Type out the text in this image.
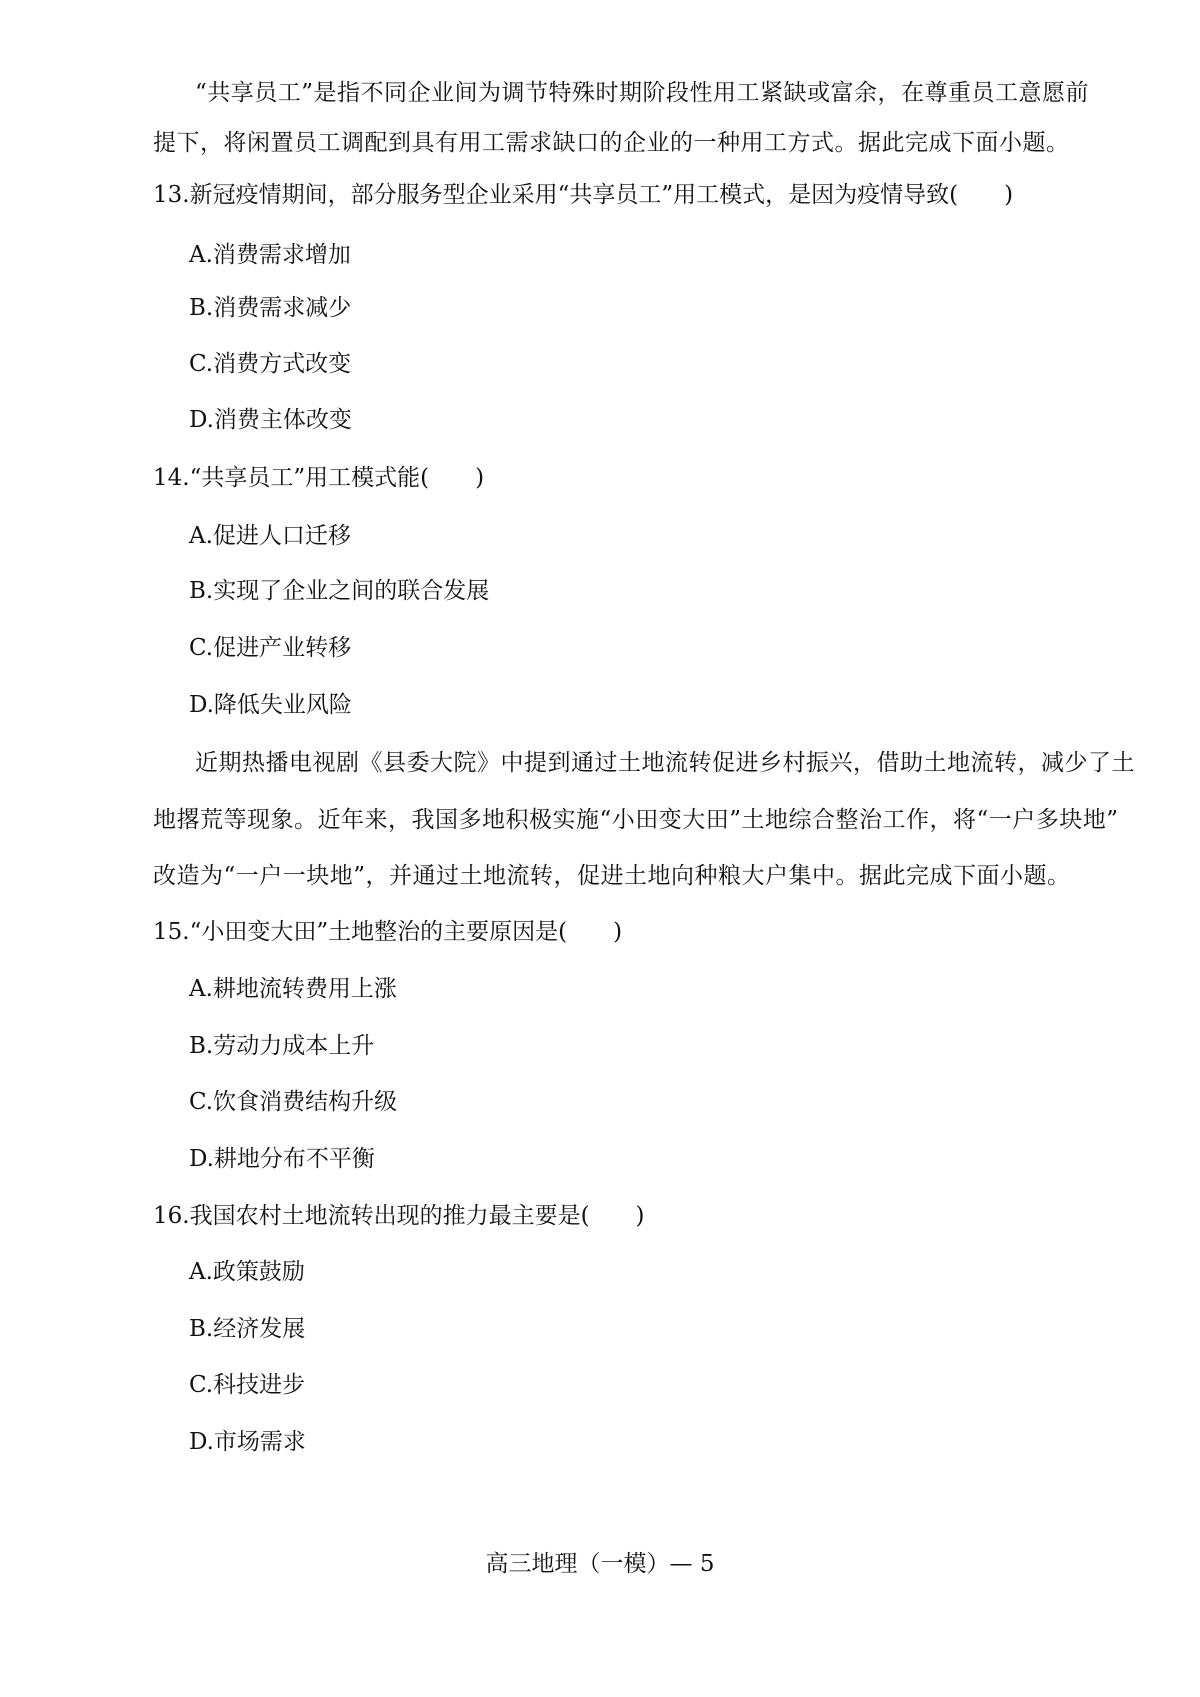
“共享员工”是指不同企业间为调节特殊时期阶段性用工紧缺或富余，在尊重员工意愿前
提下，将闲置员工调配到具有用工需求缺口的企业的一种用工方式。据此完成下面小题。
13.新冠疫情期间，部分服务型企业采用“共享员工”用工模式，是因为疫情导致(　　)
A.消费需求增加
B.消费需求减少
C.消费方式改变
D.消费主体改变
14.“共享员工”用工模式能(　　)
A.促进人口迁移
B.实现了企业之间的联合发展
C.促进产业转移
D.降低失业风险
近期热播电视剧《县委大院》中提到通过土地流转促进乡村振兴，借助土地流转，减少了土
地撂荒等现象。近年来，我国多地积极实施“小田变大田”土地综合整治工作，将“一户多块地”
改造为“一户一块地”，并通过土地流转，促进土地向种粮大户集中。据此完成下面小题。
15.“小田变大田”土地整治的主要原因是(　　)
A.耕地流转费用上涨
B.劳动力成本上升
C.饮食消费结构升级
D.耕地分布不平衡
16.我国农村土地流转出现的推力最主要是(　　)
A.政策鼓励
B.经济发展
C.科技进步
D.市场需求
高三地理（一模）— 5
